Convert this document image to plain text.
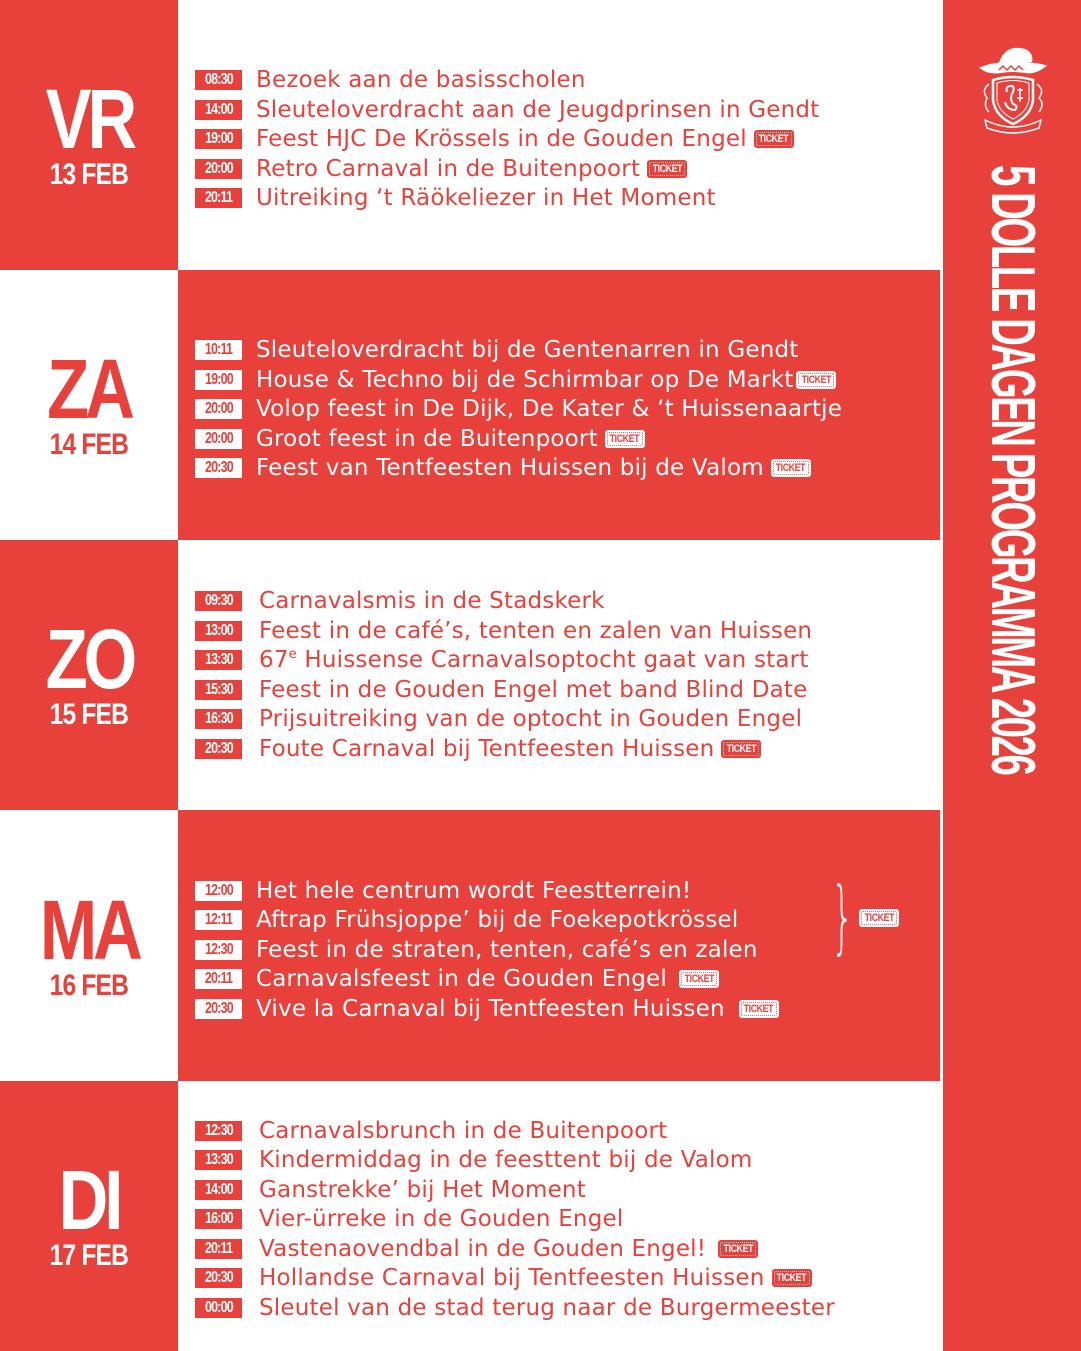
VR
13 FEB
08:30 Bezoek aan de basisscholen
14:00 Sleuteloverdracht aan de Jeugdprinsen in Gendt
19:00 Feest HJC De Krössels in de Gouden Engel TICKET
20:00 Retro Carnaval in de Buitenpoort TICKET
20:11 Uitreiking ‘t Räökeliezer in Het Moment
ZA
14 FEB
10:11 Sleuteloverdracht bij de Gentenarren in Gendt
19:00 House & Techno bij de Schirmbar op De Markt TICKET
20:00 Volop feest in De Dijk, De Kater & ‘t Huissenaartje
20:00 Groot feest in de Buitenpoort TICKET
20:30 Feest van Tentfeesten Huissen bij de Valom TICKET
ZO
15 FEB
09:30 Carnavalsmis in de Stadskerk
13:00 Feest in de café’s, tenten en zalen van Huissen
13:30 67e Huissense Carnavalsoptocht gaat van start
15:30 Feest in de Gouden Engel met band Blind Date
16:30 Prijsuitreiking van de optocht in Gouden Engel
20:30 Foute Carnaval bij Tentfeesten Huissen TICKET
MA
16 FEB
12:00 Het hele centrum wordt Feestterrein!
12:11 Aftrap Frühsjoppe’ bij de Foekepotkrössel
12:30 Feest in de straten, tenten, café’s en zalen } TICKET
20:11 Carnavalsfeest in de Gouden Engel TICKET
20:30 Vive la Carnaval bij Tentfeesten Huissen TICKET
DI
17 FEB
12:30 Carnavalsbrunch in de Buitenpoort
13:30 Kindermiddag in de feesttent bij de Valom
14:00 Ganstrekke’ bij Het Moment
16:00 Vier-ürreke in de Gouden Engel
20:11 Vastenaovendbal in de Gouden Engel! TICKET
20:30 Hollandse Carnaval bij Tentfeesten Huissen TICKET
00:00 Sleutel van de stad terug naar de Burgermeester
5 DOLLE DAGEN PROGRAMMA 2026
